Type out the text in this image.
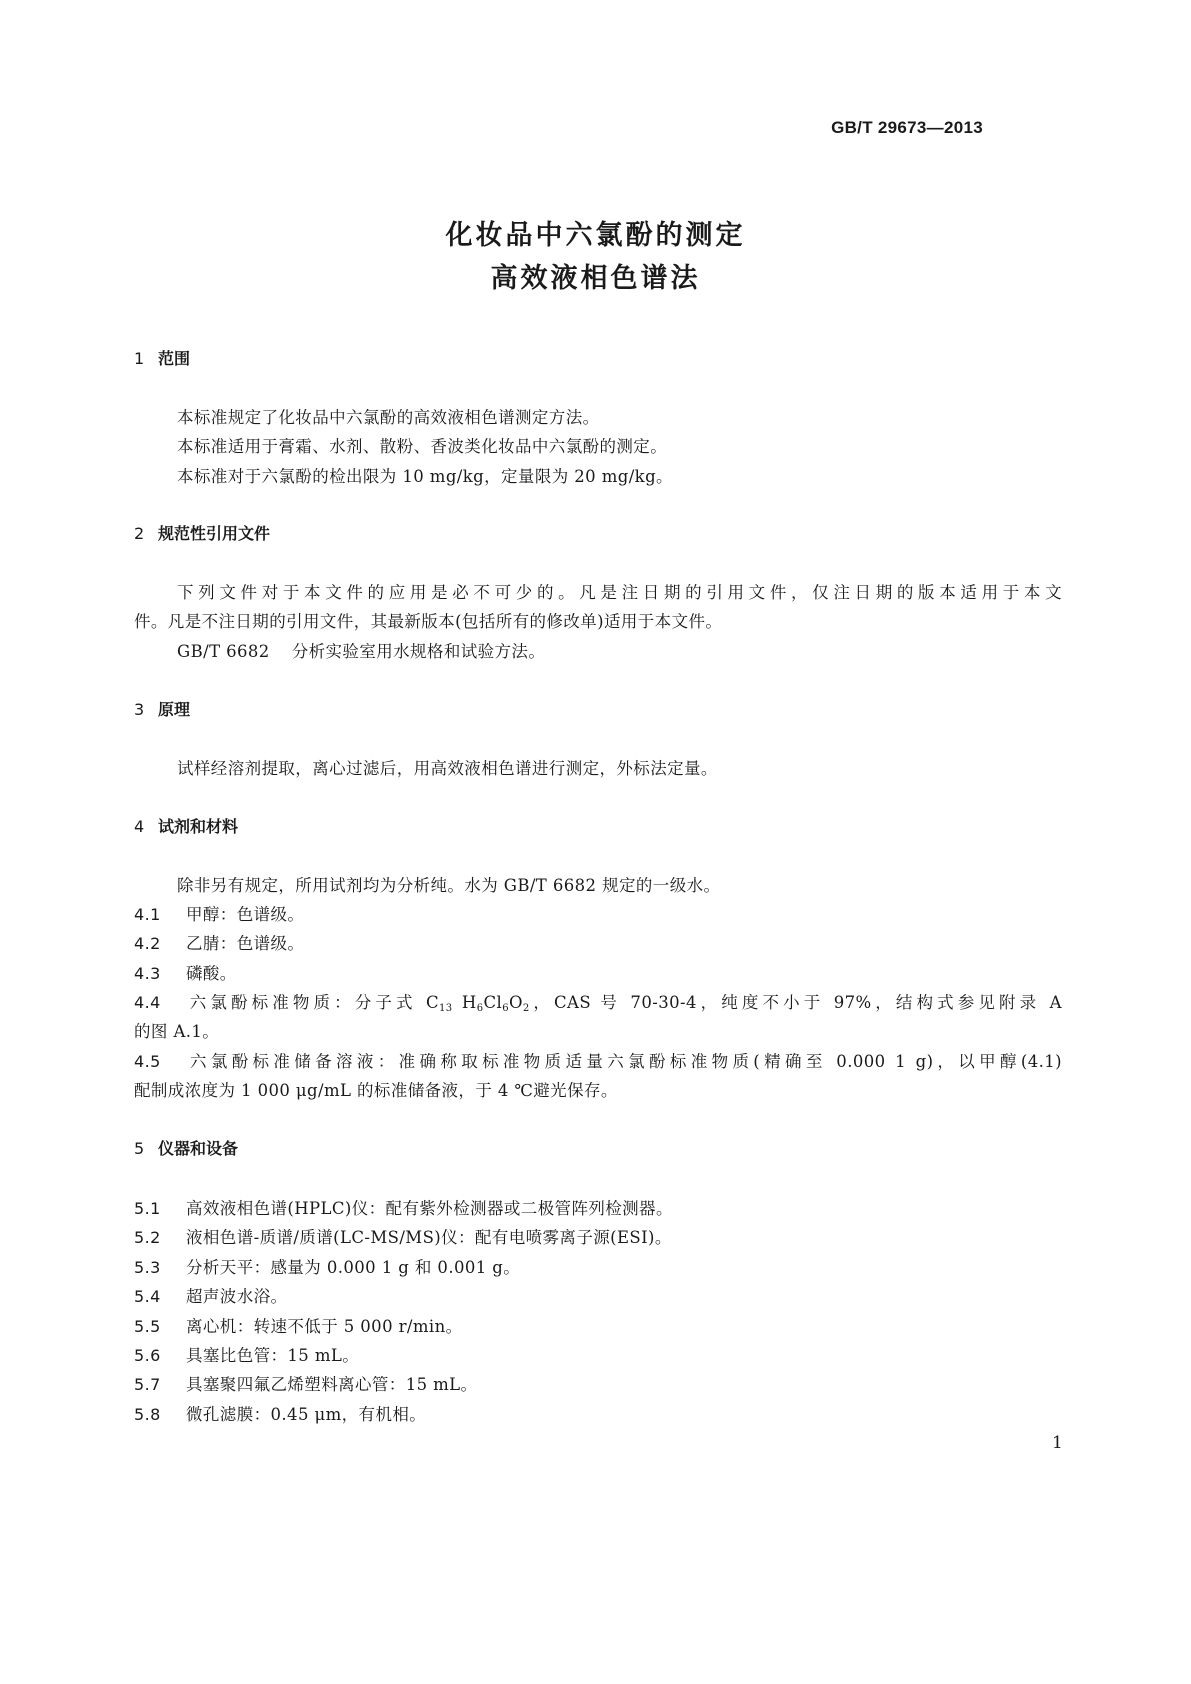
GB/T 29673—2013
化妆品中六氯酚的测定
高效液相色谱法
1 范围
本标准规定了化妆品中六氯酚的高效液相色谱测定方法。
本标准适用于膏霜、水剂、散粉、香波类化妆品中六氯酚的测定。
本标准对于六氯酚的检出限为 10 mg/kg，定量限为 20 mg/kg。
2 规范性引用文件
下列文件对于本文件的应用是必不可少的。凡是注日期的引用文件，仅注日期的版本适用于本文
件。凡是不注日期的引用文件，其最新版本(包括所有的修改单)适用于本文件。
GB/T 6682 分析实验室用水规格和试验方法。
3 原理
试样经溶剂提取，离心过滤后，用高效液相色谱进行测定，外标法定量。
4 试剂和材料
除非另有规定，所用试剂均为分析纯。水为 GB/T 6682 规定的一级水。
4.1 甲醇：色谱级。
4.2 乙腈：色谱级。
4.3 磷酸。
4.4 六氯酚标准物质：分子式 $C_{13}$ $H_6Cl_6O_2$，CAS 号 70-30-4，纯度不小于 97%，结构式参见附录 A
的图 A.1。
4.5 六氯酚标准储备溶液：准确称取标准物质适量六氯酚标准物质(精确至 0.000 1 g)，以甲醇(4.1)
配制成浓度为 1 000 μg/mL 的标准储备液，于 4 ℃避光保存。
5 仪器和设备
5.1 高效液相色谱(HPLC)仪：配有紫外检测器或二极管阵列检测器。
5.2 液相色谱-质谱/质谱(LC-MS/MS)仪：配有电喷雾离子源(ESI)。
5.3 分析天平：感量为 0.000 1 g 和 0.001 g。
5.4 超声波水浴。
5.5 离心机：转速不低于 5 000 r/min。
5.6 具塞比色管：15 mL。
5.7 具塞聚四氟乙烯塑料离心管：15 mL。
5.8 微孔滤膜：0.45 μm，有机相。
1
